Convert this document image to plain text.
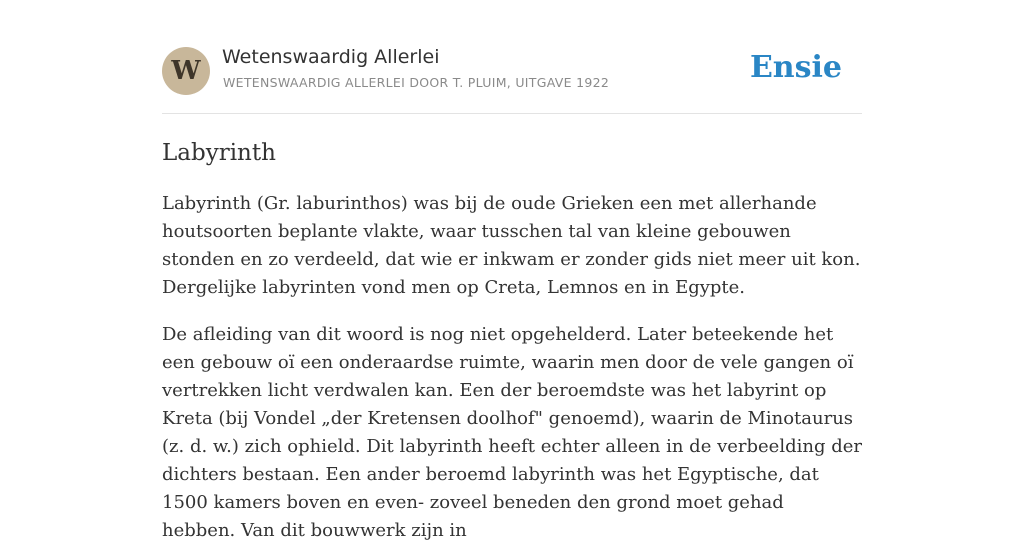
W	Wetenswaardig Allerlei
WETENSWAARDIG ALLERLEI DOOR T. PLUIM, UITGAVE 1922	Ensie
Labyrinth

Labyrinth (Gr. laburinthos) was bij de oude Grieken een met allerhande houtsoorten beplante vlakte, waar tusschen tal van kleine gebouwen stonden en zo verdeeld, dat wie er inkwam er zonder gids niet meer uit kon. Dergelijke labyrinten vond men op Creta, Lemnos en in Egypte.

De afleiding van dit woord is nog niet opgehelderd. Later beteekende het een gebouw oï een onderaardse ruimte, waarin men door de vele gangen oï vertrekken licht verdwalen kan. Een der beroemdste was het labyrint op Kreta (bij Vondel „der Kretensen doolhof" genoemd), waarin de Minotaurus (z. d. w.) zich ophield. Dit labyrinth heeft echter alleen in de verbeelding der dichters bestaan. Een ander beroemd labyrinth was het Egyptische, dat 1500 kamers boven en even- zoveel beneden den grond moet gehad hebben. Van dit bouwwerk zijn in
